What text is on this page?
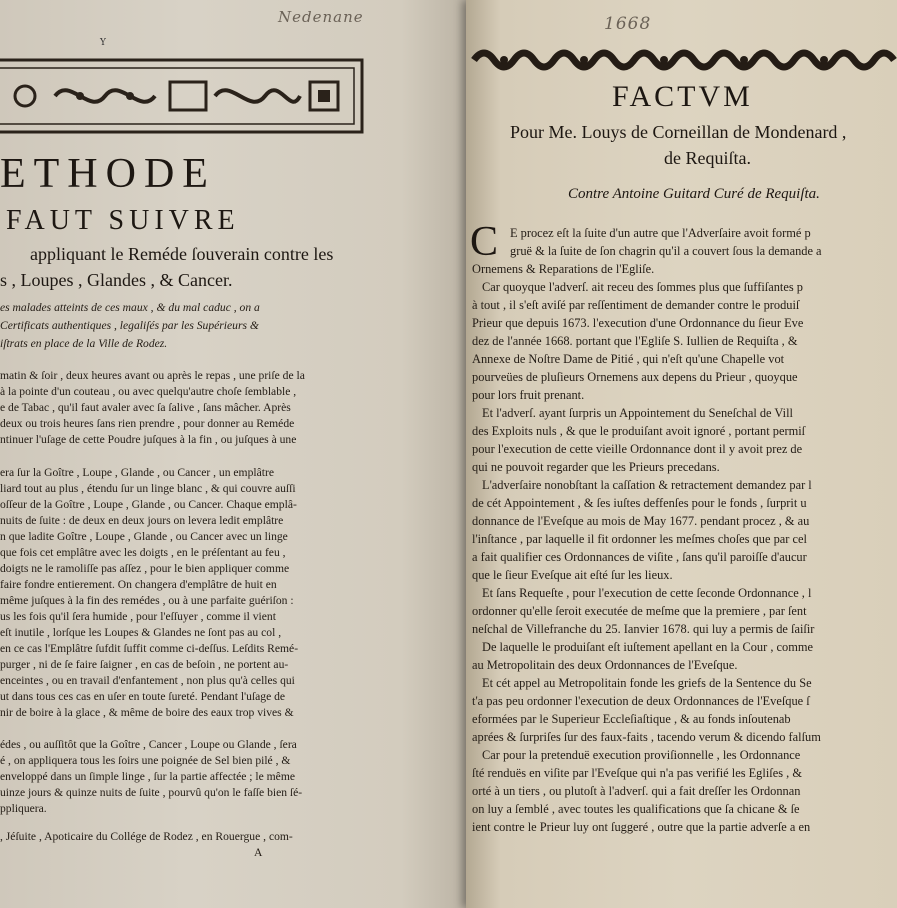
Nedenane
Y
ETHODE
FAUT SUIVRE
appliquant le Reméde ſouverain contre les
s , Loupes , Glandes , & Cancer.
es malades atteints de ces maux , & du mal caduc , on a
Certificats authentiques , legaliſés par les Supérieurs &
iſtrats en place de la Ville de Rodez.
matin & ſoir , deux heures avant ou après le repas , une priſe de la
à la pointe d'un couteau , ou avec quelqu'autre choſe ſemblable ,
e de Tabac , qu'il faut avaler avec ſa ſalive , ſans mâcher. Après
deux ou trois heures ſans rien prendre , pour donner au Reméde
ntinuer l'uſage de cette Poudre juſques à la fin , ou juſques à une
era ſur la Goître , Loupe , Glande , ou Cancer , un emplâtre
liard tout au plus , étendu ſur un linge blanc , & qui couvre auſſi
oſſeur de la Goître , Loupe , Glande , ou Cancer. Chaque emplâ-
nuits de ſuite : de deux en deux jours on levera ledit emplâtre
n que ladite Goître , Loupe , Glande , ou Cancer avec un linge
que fois cet emplâtre avec les doigts , en le préſentant au feu ,
doigts ne le ramoliſſe pas aſſez , pour le bien appliquer comme
faire fondre entierement. On changera d'emplâtre de huit en
même juſques à la fin des remédes , ou à une parfaite guériſon :
us les fois qu'il ſera humide , pour l'eſſuyer , comme il vient
eſt inutile , lorſque les Loupes & Glandes ne ſont pas au col ,
en ce cas l'Emplâtre ſufdit ſuffit comme ci-deſſus. Leſdits Remé-
purger , ni de ſe faire ſaigner , en cas de beſoin , ne portent au-
enceintes , ou en travail d'enfantement , non plus qu'à celles qui
ut dans tous ces cas en uſer en toute ſureté. Pendant l'uſage de
nir de boire à la glace , & même de boire des eaux trop vives &
édes , ou auſſitôt que la Goître , Cancer , Loupe ou Glande , ſera
é , on appliquera tous les ſoirs une poignée de Sel bien pilé , &
enveloppé dans un ſimple linge , ſur la partie affectée ; le même
uinze jours & quinze nuits de ſuite , pourvû qu'on le faſſe bien ſé-
ppliquera.
, Jéſuite , Apoticaire du Collége de Rodez , en Rouergue , com-
A
1668
FACTVM
Pour Me. Louys de Corneillan de Mondenard ,
de Requiſta.
Contre Antoine Guitard Curé de Requiſta.
C E procez eſt la ſuite d'un autre que l'Adverſaire avoit formé p
gruë & la ſuite de ſon chagrin qu'il a couvert ſous la demande a
Ornemens & Reparations de l'Egliſe.
Car quoyque l'adverſ. ait receu des ſommes plus que ſuffiſantes p
à tout , il s'eſt aviſé par reſſentiment de demander contre le produiſ
Prieur que depuis 1673. l'execution d'une Ordonnance du ſieur Eve
dez de l'année 1668. portant que l'Egliſe S. Iullien de Requiſta , &
Annexe de Noſtre Dame de Pitié , qui n'eſt qu'une Chapelle vot
pourveües de pluſieurs Ornemens aux depens du Prieur , quoyque
pour lors fruit prenant.
Et l'adverſ. ayant ſurpris un Appointement du Seneſchal de Vill
des Exploits nuls , & que le produiſant avoit ignoré , portant permiſ
pour l'execution de cette vieille Ordonnance dont il y avoit prez de
qui ne pouvoit regarder que les Prieurs precedans.
L'adverſaire nonobſtant la caſſation & retractement demandez par l
de cét Appointement , & ſes iuſtes deffenſes pour le fonds , ſurprit u
donnance de l'Eveſque au mois de May 1677. pendant procez , & au
l'inſtance , par laquelle il fit ordonner les meſmes choſes que par cel
a fait qualifier ces Ordonnances de viſite , ſans qu'il paroiſſe d'aucur
que le ſieur Eveſque ait eſté ſur les lieux.
Et ſans Requeſte , pour l'execution de cette ſeconde Ordonnance , l
ordonner qu'elle ſeroit executée de meſme que la premiere , par ſent
neſchal de Villefranche du 25. Ianvier 1678. qui luy a permis de ſaiſir
De laquelle le produiſant eſt iuſtement apellant en la Cour , comme
au Metropolitain des deux Ordonnances de l'Eveſque.
Et cét appel au Metropolitain fonde les griefs de la Sentence du Se
t'a pas peu ordonner l'execution de deux Ordonnances de l'Eveſque ſ
eformées par le Superieur Eccleſiaſtique , & au fonds inſoutenab
aprées & ſurpriſes ſur des faux-faits , tacendo verum & dicendo falſum
Car pour la pretenduë execution proviſionnelle , les Ordonnance
ſté renduës en viſite par l'Eveſque qui n'a pas verifié les Egliſes , &
orté à un tiers , ou plutoſt à l'adverſ. qui a fait dreſſer les Ordonnan
on luy a ſemblé , avec toutes les qualifications que ſa chicane & ſe
ient contre le Prieur luy ont ſuggeré , outre que la partie adverſe a en
